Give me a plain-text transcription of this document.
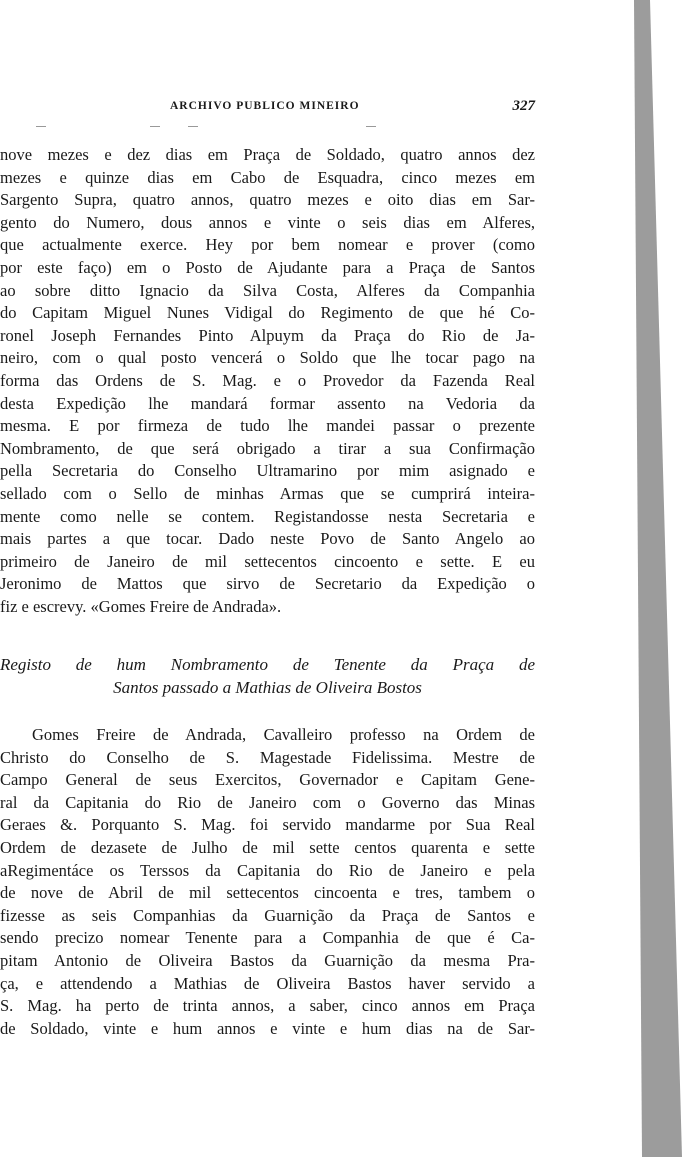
ARCHIVO PUBLICO MINEIRO	327
nove mezes e dez dias em Praça de Soldado, quatro annos dez
mezes e quinze dias em Cabo de Esquadra, cinco mezes em
Sargento Supra, quatro annos, quatro mezes e oito dias em Sar-
gento do Numero, dous annos e vinte o seis dias em Alferes,
que actualmente exerce. Hey por bem nomear e prover (como
por este faço) em o Posto de Ajudante para a Praça de Santos
ao sobre ditto Ignacio da Silva Costa, Alferes da Companhia
do Capitam Miguel Nunes Vidigal do Regimento de que hé Co-
ronel Joseph Fernandes Pinto Alpuym da Praça do Rio de Ja-
neiro, com o qual posto vencerá o Soldo que lhe tocar pago na
forma das Ordens de S. Mag. e o Provedor da Fazenda Real
desta Expedição lhe mandará formar assento na Vedoria da
mesma. E por firmeza de tudo lhe mandei passar o prezente
Nombramento, de que será obrigado a tirar a sua Confirmação
pella Secretaria do Conselho Ultramarino por mim asignado e
sellado com o Sello de minhas Armas que se cumprirá inteira-
mente como nelle se contem. Registandosse nesta Secretaria e
mais partes a que tocar. Dado neste Povo de Santo Angelo ao
primeiro de Janeiro de mil settecentos cincoento e sette. E eu
Jeronimo de Mattos que sirvo de Secretario da Expedição o
fiz e escrevy. «Gomes Freire de Andrada».
Registo de hum Nombramento de Tenente da Praça de
Santos passado a Mathias de Oliveira Bostos
Gomes Freire de Andrada, Cavalleiro professo na Ordem de
Christo do Conselho de S. Magestade Fidelissima. Mestre de
Campo General de seus Exercitos, Governador e Capitam Gene-
ral da Capitania do Rio de Janeiro com o Governo das Minas
Geraes &. Porquanto S. Mag. foi servido mandarme por Sua Real
Ordem de dezasete de Julho de mil sette centos quarenta e sette
aRegimentáce os Terssos da Capitania do Rio de Janeiro e pela
de nove de Abril de mil settecentos cincoenta e tres, tambem o
fizesse as seis Companhias da Guarnição da Praça de Santos e
sendo precizo nomear Tenente para a Companhia de que é Ca-
pitam Antonio de Oliveira Bastos da Guarnição da mesma Pra-
ça, e attendendo a Mathias de Oliveira Bastos haver servido a
S. Mag. ha perto de trinta annos, a saber, cinco annos em Praça
de Soldado, vinte e hum annos e vinte e hum dias na de Sar-
